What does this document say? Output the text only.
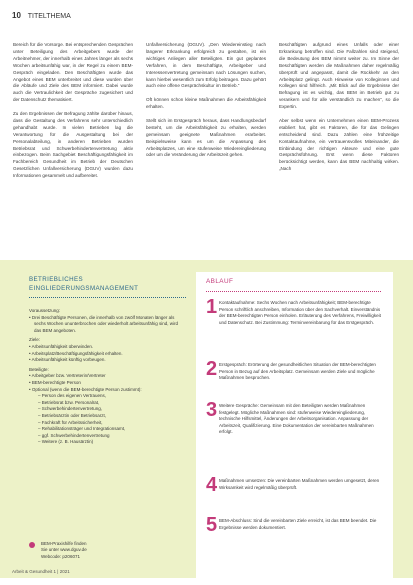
10 TITELTHEMA

Bereich für die Vorsorge. Bei entsprechenden Gesprächen unter Beteiligung des Arbeitgebers wurde der Arbeitnehmer, der innerhalb eines Jahres länger als sechs Wochen arbeitsunfähig war, in der Regel zu einem BEM-Gespräch eingeladen. Den Beschäftigten wurde das Angebot eines BEM unterbreitet und diese wurden über die Abläufe und Ziele des BEM informiert. Dabei wurde auch die Vertraulichkeit der Gespräche zugesichert und der Datenschutz thematisiert.

Zu den Ergebnissen der Befragung zählte darüber hinaus, dass die Gestaltung des Verfahrens sehr unterschiedlich gehandhabt wurde. In vielen Betrieben lag die Verantwortung für die Ausgestaltung bei der Personalabteilung, in anderen Betrieben wurden Betriebsrat und Schwerbehindertenvertretung aktiv einbezogen. Beim Sachgebiet Beschäftigungsfähigkeit im Fachbereich Gesundheit im Betrieb der Deutschen Gesetzlichen Unfallversicherung (DGUV) wurden dazu Informationen gesammelt und aufbereitet.

Unfallversicherung (DGUV). „Den Wiedereinstieg nach längerer Erkrankung erfolgreich zu gestalten, ist ein wichtiges Anliegen aller Beteiligten. Ein gut geplantes Verfahren, in dem Beschäftigte, Arbeitgeber und Interessenvertretung gemeinsam nach Lösungen suchen, kann hierbei wesentlich zum Erfolg beitragen. Dazu gehört auch eine offene Gesprächskultur im Betrieb.“

Oft können schon kleine Maßnahmen die Arbeitsfähigkeit erhalten.

Stellt sich im Erstgespräch heraus, dass Handlungsbedarf besteht, um die Arbeitsfähigkeit zu erhalten, werden gemeinsam geeignete Maßnahmen erarbeitet. Beispielsweise kann es um die Anpassung des Arbeitsplatzes, um eine stufenweise Wiedereingliederung oder um die Veränderung der Arbeitszeit gehen.

Beschäftigten aufgrund eines Unfalls oder einer Erkrankung betroffen sind. Die Fallzahlen sind steigend, die Bedeutung des BEM nimmt weiter zu. Im Sinne der Beschäftigten werden die Maßnahmen daher regelmäßig überprüft und angepasst, damit die Rückkehr an den Arbeitsplatz gelingt. Auch Hinweise von Kolleginnen und Kollegen sind hilfreich. „Mit Blick auf die Ergebnisse der Befragung ist es wichtig, das BEM im Betrieb gut zu verankern und für alle verständlich zu machen“, so die Expertin.

Aber selbst wenn ein Unternehmen einen BEM-Prozess etabliert hat, gibt es Faktoren, die für das Gelingen entscheidend sind. Dazu zählen eine frühzeitige Kontaktaufnahme, ein vertrauensvolles Miteinander, die Einbindung der richtigen Akteure und eine gute Gesprächsführung. Erst wenn diese Faktoren berücksichtigt werden, kann das BEM nachhaltig wirken. „Nach

BETRIEBLICHES
EINGLIEDERUNGSMANAGEMENT

Voraussetzung:

• Drei Beschäftigte Personen, die innerhalb von zwölf Monaten länger als sechs Wochen ununterbrochen oder wiederholt arbeitsunfähig sind, wird das BEM angeboten.

Ziele:

• Arbeitsunfähigkeit überwinden.

• Arbeitsplatz/Beschäftigungsfähigkeit erhalten.

• Arbeitsunfähigkeit künftig vorbeugen.

Beteiligte:

• Arbeitgeber bzw. Vertreterin/Vertreter

• BEM-berechtigte Person

• Optional (wenn die BEM-berechtigte Person zustimmt):

– Person des eigenen Vertrauens,

– Betriebsrat bzw. Personalrat,

– Schwerbehindertenvertretung,

– Betriebsärztin oder Betriebsarzt,

– Fachkraft für Arbeitssicherheit,

– Rehabilitationsträger und Integrationsamt,

– ggf. Schwerbehindertenvertretung

– Weitere (z. B. Hausärztin)

BEM-Praxishilfe finden
Sie unter www.dguv.de
Webcode: p206071
ABLAUF
1 Kontaktaufnahme: Sechs Wochen nach Arbeitsunfähigkeit; BEM-berechtigte Person schriftlich anschreiben, Information über den Sachverhalt. Einverständnis der BEM-berechtigten Person einholen. Erläuterung des Verfahrens, Freiwilligkeit und Datenschutz. Bei Zustimmung: Terminvereinbarung für das Erstgespräch.
2 Erstgespräch: Erörterung der gesundheitlichen Situation der BEM-berechtigten Person in Bezug auf den Arbeitsplatz. Gemeinsam werden Ziele und mögliche Maßnahmen besprochen.
3 Weitere Gespräche: Gemeinsam mit den Beteiligten werden Maßnahmen festgelegt. Mögliche Maßnahmen sind: stufenweise Wiedereingliederung, technische Hilfsmittel, Änderungen der Arbeitsorganisation. Anpassung der Arbeitszeit, Qualifizierung. Eine Dokumentation der vereinbarten Maßnahmen erfolgt.
4 Maßnahmen umsetzen: Die vereinbarten Maßnahmen werden umgesetzt, deren Wirksamkeit wird regelmäßig überprüft.
5 BEM-Abschluss: Sind die vereinbarten Ziele erreicht, ist das BEM beendet. Die Ergebnisse werden dokumentiert.
Arbeit & Gesundheit 1 | 2021
